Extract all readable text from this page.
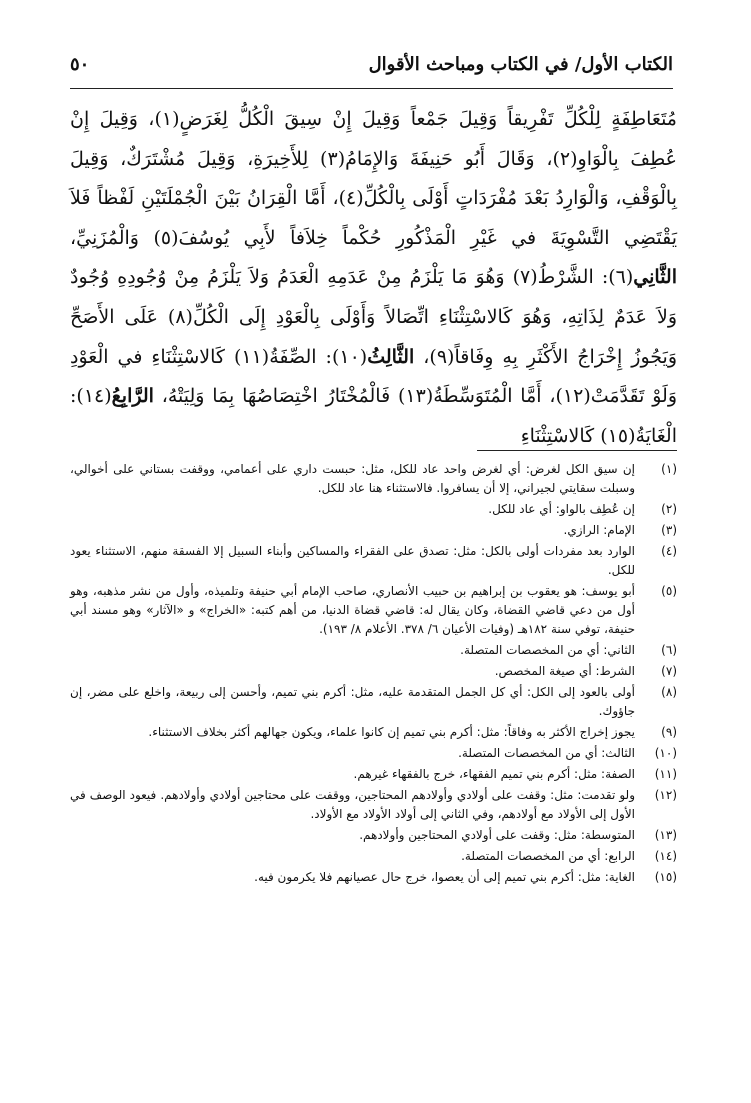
الكتاب الأول/ في الكتاب ومباحث الأقوال
٥٠

مُتَعَاطِفَةٍ لِلْكُلِّ تَفْرِيقاً وَقِيلَ جَمْعاً وَقِيلَ إِنْ سِيقَ الْكُلُّ لِغَرَضٍ(١)، وَقِيلَ إِنْ عُطِفَ بِالْوَاوِ(٢)، وَقَالَ أَبُو حَنِيفَةَ وَالإِمَامُ(٣) لِلأَخِيرَةِ، وَقِيلَ مُشْتَرَكٌ، وَقِيلَ بِالْوَقْفِ، وَالْوَارِدُ بَعْدَ مُفْرَدَاتٍ أَوْلَى بِالْكُلِّ(٤)، أَمَّا الْقِرَانُ بَيْنَ الْجُمْلَتَيْنِ لَفْظاً فَلاَ يَقْتَضِي التَّسْوِيَةَ في غَيْرِ الْمَذْكُورِ حُكْماً خِلاَفاً لأَبِي يُوسُفَ(٥) وَالْمُزَنِيِّ، الثَّانِي(٦): الشَّرْطُ(٧) وَهُوَ مَا يَلْزَمُ مِنْ عَدَمِهِ الْعَدَمُ وَلاَ يَلْزَمُ مِنْ وُجُودِهِ وُجُودٌ وَلاَ عَدَمٌ لِذَاتِهِ، وَهُوَ كَالاسْتِثْنَاءِ اتِّصَالاً وَأَوْلَى بِالْعَوْدِ إِلَى الْكُلِّ(٨) عَلَى الأَصَحِّ وَيَجُوزُ إِخْرَاجُ الأَكْثَرِ بِهِ وِفَاقاً(٩)، الثَّالِثُ(١٠): الصِّفَةُ(١١) كَالاسْتِثْنَاءِ في الْعَوْدِ وَلَوْ تَقَدَّمَتْ(١٢)، أَمَّا الْمُتَوَسِّطَةُ(١٣) فَالْمُخْتَارُ اخْتِصَاصُهَا بِمَا وَلِيَتْهُ، الرَّابِعُ(١٤): الْغَايَةُ(١٥) كَالاسْتِثْنَاءِ

(١)
إن سيق الكل لغرض: أي لغرض واحد عاد للكل، مثل: حبست داري على أعمامي، ووقفت بستاني على أخوالي، وسبلت سقايتي لجيراني، إلا أن يسافروا. فالاستثناء هنا عاد للكل.
(٢)
إن عُطِف بالواو: أي عاد للكل.
(٣)
الإمام: الرازي.
(٤)
الوارد بعد مفردات أولى بالكل: مثل: تصدق على الفقراء والمساكين وأبناء السبيل إلا الفسقة منهم، الاستثناء يعود للكل.
(٥)
أبو يوسف: هو يعقوب بن إبراهيم بن حبيب الأنصاري، صاحب الإمام أبي حنيفة وتلميذه، وأول من نشر مذهبه، وهو أول من دعي قاضي القضاة، وكان يقال له: قاضي قضاة الدنيا، من أهم كتبه: «الخراج» و «الآثار» وهو مسند أبي حنيفة، توفي سنة ١٨٢هـ (وفيات الأعيان ٦/ ٣٧٨. الأعلام ٨/ ١٩٣).
(٦)
الثاني: أي من المخصصات المتصلة.
(٧)
الشرط: أي صيغة المخصص.
(٨)
أولى بالعود إلى الكل: أي كل الجمل المتقدمة عليه، مثل: أكرم بني تميم، وأحسن إلى ربيعة، واخلع على مضر، إن جاؤوك.
(٩)
يجوز إخراج الأكثر به وفاقاً: مثل: أكرم بني تميم إن كانوا علماء، ويكون جهالهم أكثر بخلاف الاستثناء.
(١٠)
الثالث: أي من المخصصات المتصلة.
(١١)
الصفة: مثل: أكرم بني تميم الفقهاء، خرج بالفقهاء غيرهم.
(١٢)
ولو تقدمت: مثل: وقفت على أولادي وأولادهم المحتاجين، ووقفت على محتاجين أولادي وأولادهم. فيعود الوصف في الأول إلى الأولاد مع أولادهم، وفي الثاني إلى أولاد الأولاد مع الأولاد.
(١٣)
المتوسطة: مثل: وقفت على أولادي المحتاجين وأولادهم.
(١٤)
الرابع: أي من المخصصات المتصلة.
(١٥)
الغاية: مثل: أكرم بني تميم إلى أن يعصوا، خرج حال عصيانهم فلا يكرمون فيه.
